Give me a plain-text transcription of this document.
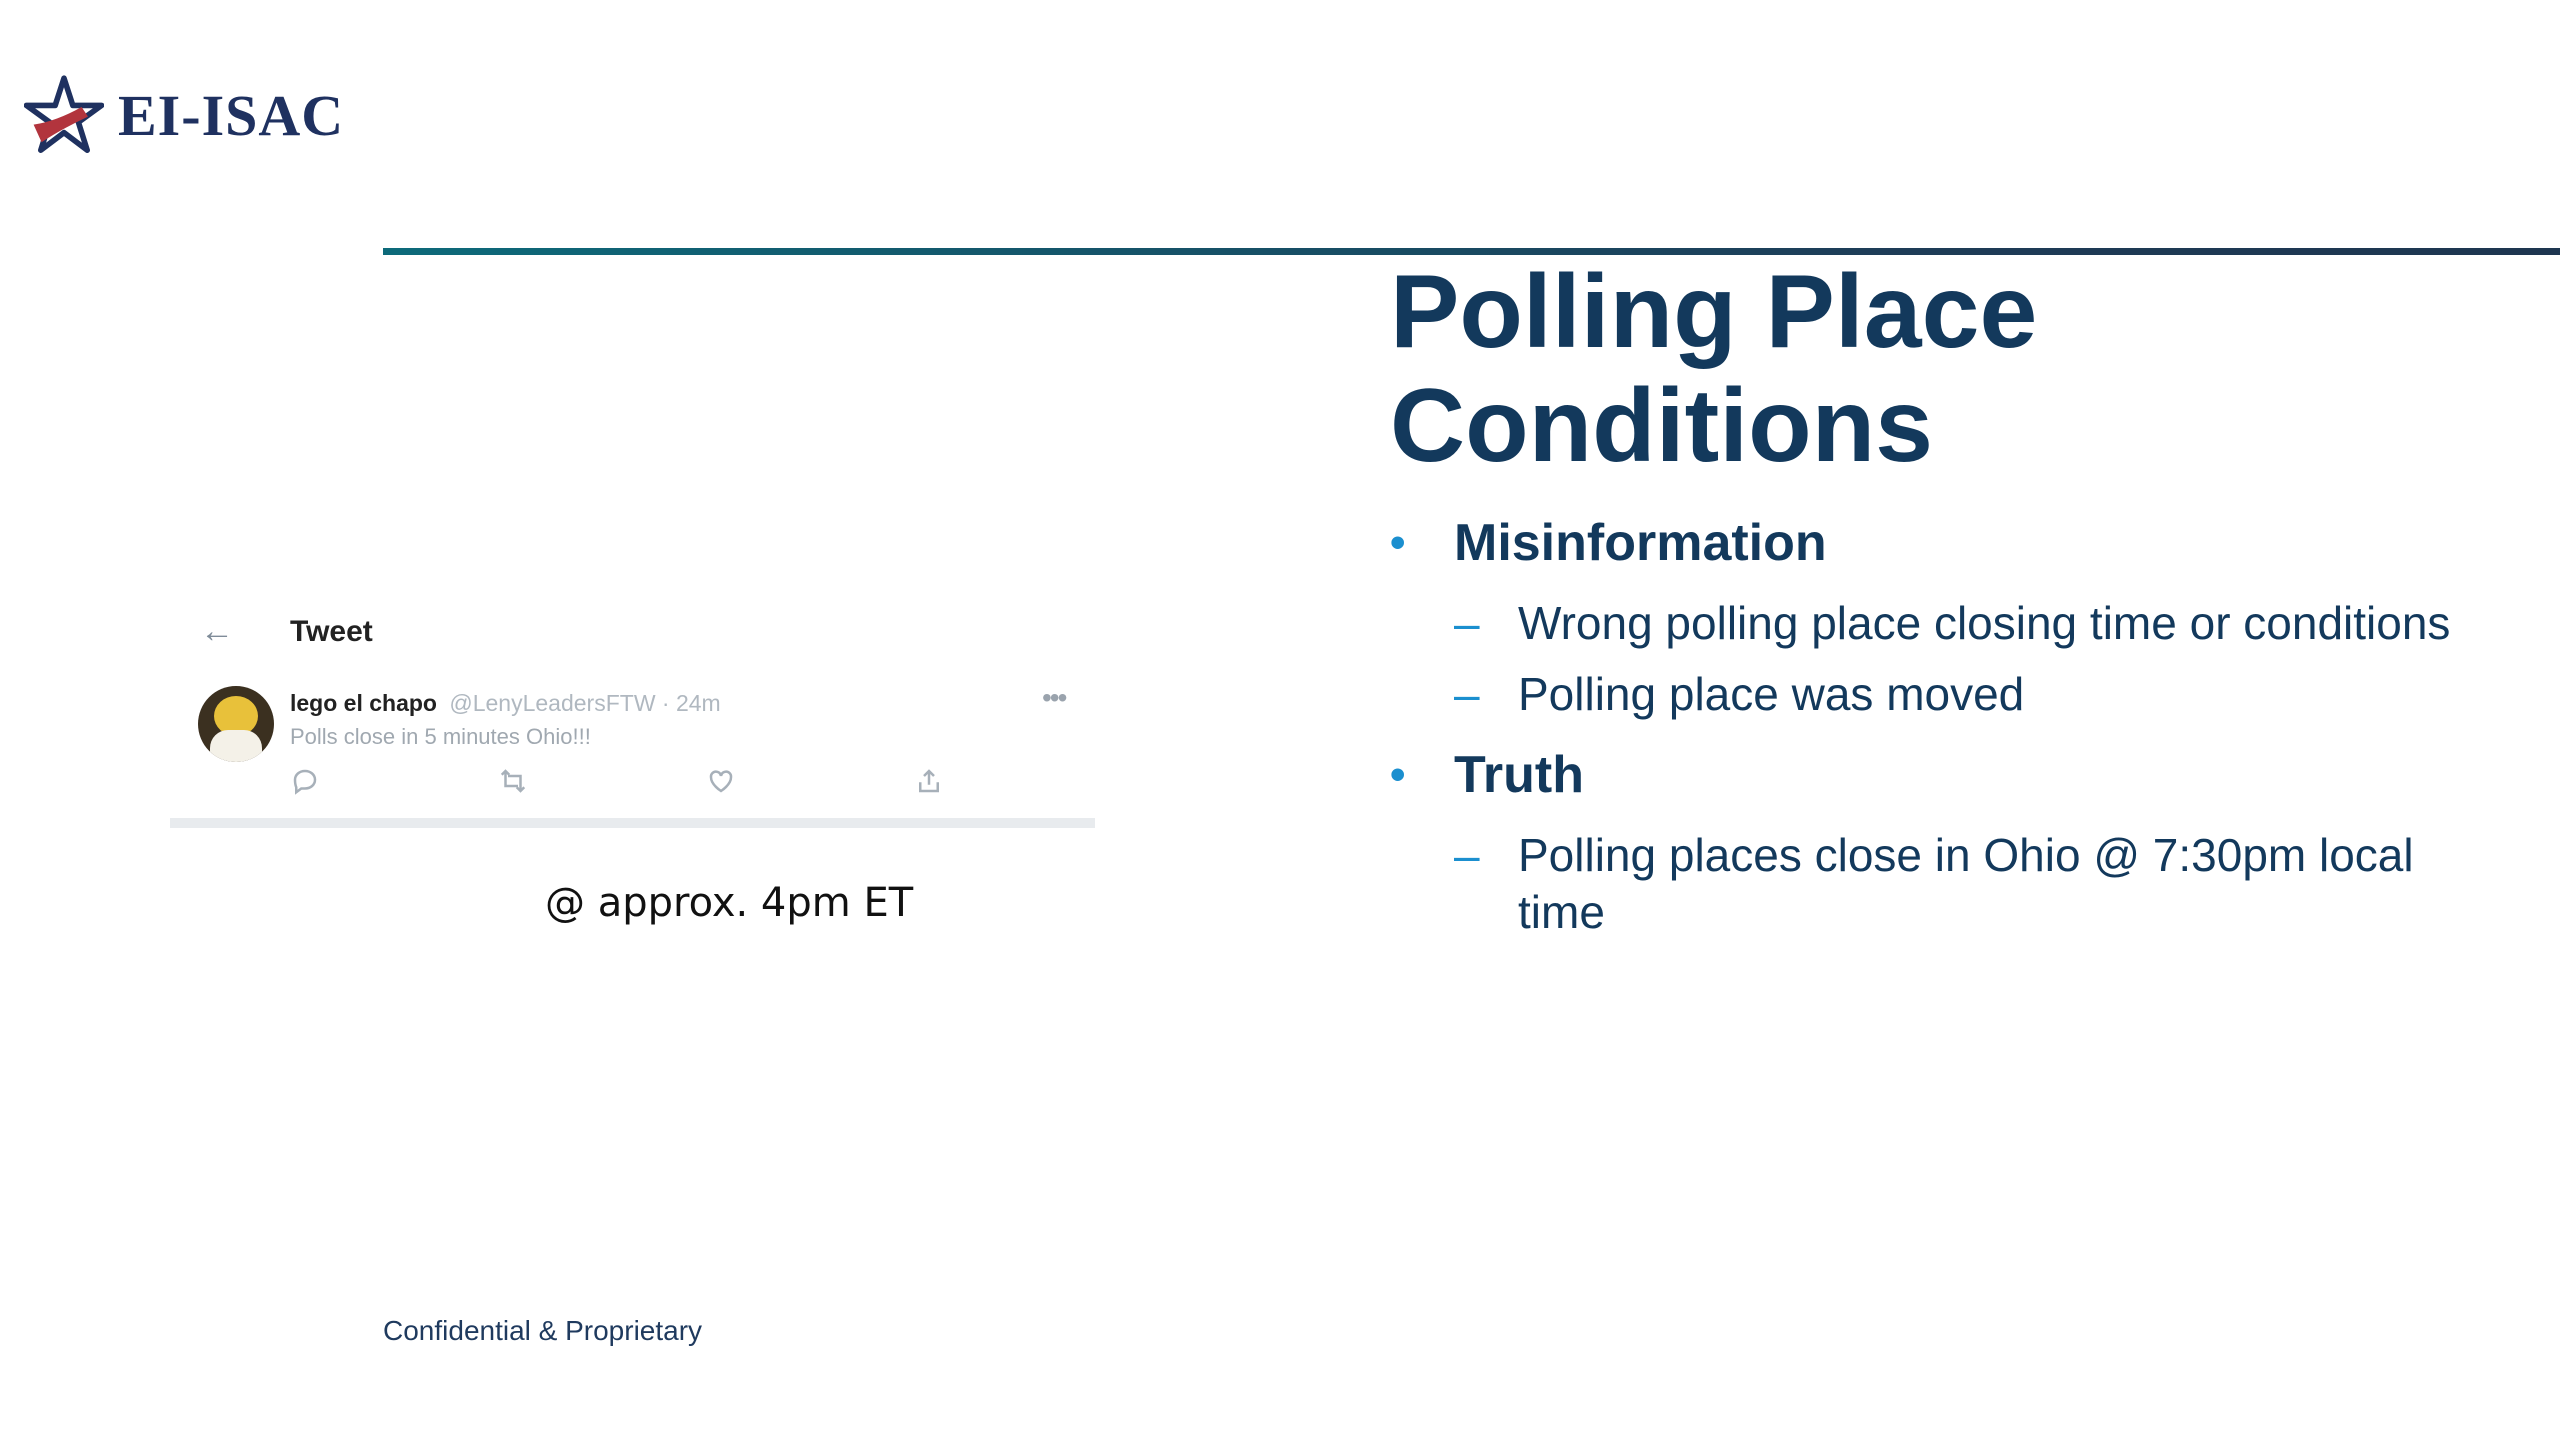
EI-ISAC
Polling Place Conditions
• Misinformation
– Wrong polling place closing time or conditions
– Polling place was moved
• Truth
– Polling places close in Ohio @ 7:30pm local time
←	Tweet
lego el chapo @LenyLeadersFTW · 24m
Polls close in 5 minutes Ohio!!!
•••
@ approx. 4pm ET
Confidential & Proprietary
